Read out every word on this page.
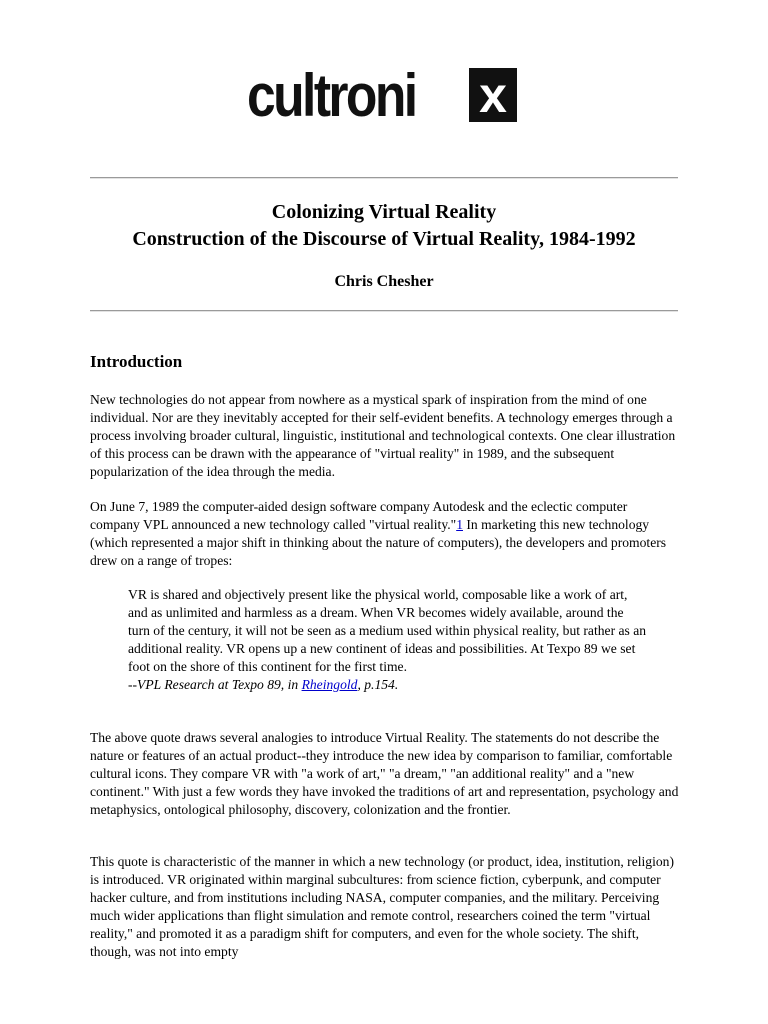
cultroni x
Colonizing Virtual Reality
Construction of the Discourse of Virtual Reality, 1984-1992
Chris Chesher
Introduction

New technologies do not appear from nowhere as a mystical spark of inspiration from the mind of one individual. Nor are they inevitably accepted for their self-evident benefits. A technology emerges through a process involving broader cultural, linguistic, institutional and technological contexts. One clear illustration of this process can be drawn with the appearance of "virtual reality" in 1989, and the subsequent popularization of the idea through the media.

On June 7, 1989 the computer-aided design software company Autodesk and the eclectic computer company VPL announced a new technology called "virtual reality."1 In marketing this new technology (which represented a major shift in thinking about the nature of computers), the developers and promoters drew on a range of tropes:

VR is shared and objectively present like the physical world, composable like a work of art, and as unlimited and harmless as a dream. When VR becomes widely available, around the turn of the century, it will not be seen as a medium used within physical reality, but rather as an additional reality. VR opens up a new continent of ideas and possibilities. At Texpo 89 we set foot on the shore of this continent for the first time.
--VPL Research at Texpo 89, in Rheingold, p.154.

The above quote draws several analogies to introduce Virtual Reality. The statements do not describe the nature or features of an actual product--they introduce the new idea by comparison to familiar, comfortable cultural icons. They compare VR with "a work of art," "a dream," "an additional reality" and a "new continent." With just a few words they have invoked the traditions of art and representation, psychology and metaphysics, ontological philosophy, discovery, colonization and the frontier.

This quote is characteristic of the manner in which a new technology (or product, idea, institution, religion) is introduced. VR originated within marginal subcultures: from science fiction, cyberpunk, and computer hacker culture, and from institutions including NASA, computer companies, and the military. Perceiving much wider applications than flight simulation and remote control, researchers coined the term "virtual reality," and promoted it as a paradigm shift for computers, and even for the whole society. The shift, though, was not into empty
